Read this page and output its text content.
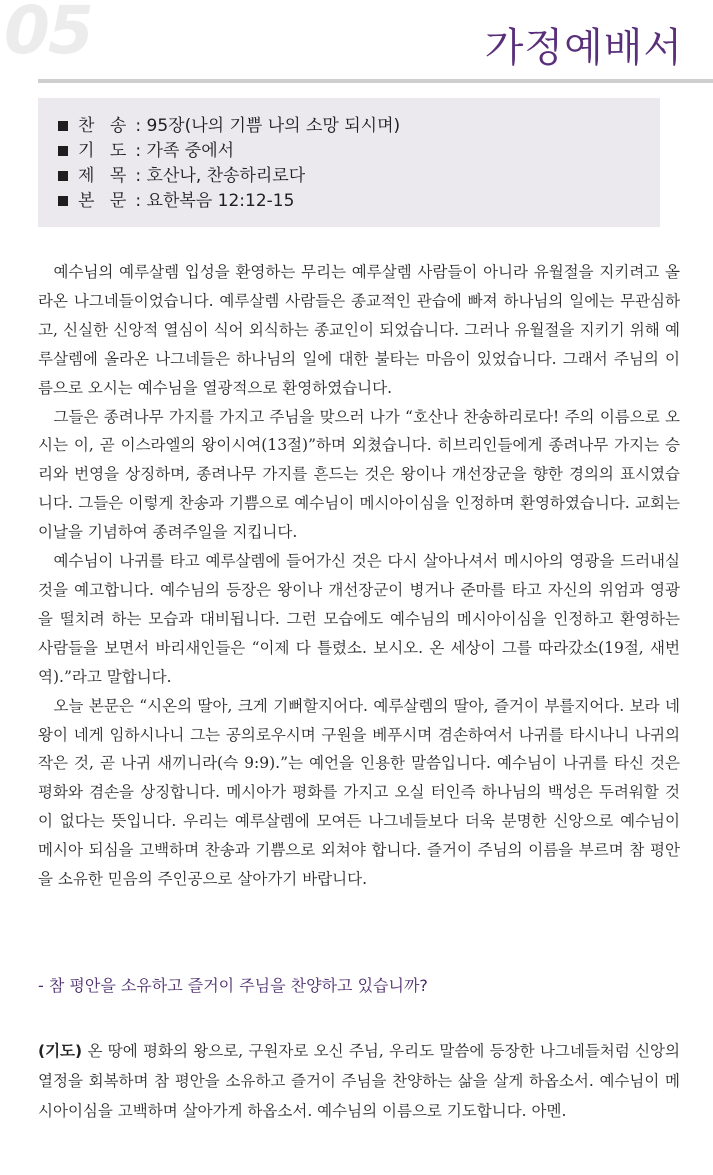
05	가정예배서
찬 송
: 95장(나의 기쁨 나의 소망 되시며)
기 도
: 가족 중에서
제 목
: 호산나, 찬송하리로다
본 문
: 요한복음 12:12-15

예수님의 예루살렘 입성을 환영하는 무리는 예루살렘 사람들이 아니라 유월절을 지키려고 올라온 나그네들이었습니다. 예루살렘 사람들은 종교적인 관습에 빠져 하나님의 일에는 무관심하고, 신실한 신앙적 열심이 식어 외식하는 종교인이 되었습니다. 그러나 유월절을 지키기 위해 예루살렘에 올라온 나그네들은 하나님의 일에 대한 불타는 마음이 있었습니다. 그래서 주님의 이름으로 오시는 예수님을 열광적으로 환영하였습니다.

그들은 종려나무 가지를 가지고 주님을 맞으러 나가 “호산나 찬송하리로다! 주의 이름으로 오시는 이, 곧 이스라엘의 왕이시여(13절)”하며 외쳤습니다. 히브리인들에게 종려나무 가지는 승리와 번영을 상징하며, 종려나무 가지를 흔드는 것은 왕이나 개선장군을 향한 경의의 표시였습니다. 그들은 이렇게 찬송과 기쁨으로 예수님이 메시아이심을 인정하며 환영하였습니다. 교회는 이날을 기념하여 종려주일을 지킵니다.

예수님이 나귀를 타고 예루살렘에 들어가신 것은 다시 살아나셔서 메시아의 영광을 드러내실 것을 예고합니다. 예수님의 등장은 왕이나 개선장군이 병거나 준마를 타고 자신의 위엄과 영광을 떨치려 하는 모습과 대비됩니다. 그런 모습에도 예수님의 메시아이심을 인정하고 환영하는 사람들을 보면서 바리새인들은 “이제 다 틀렸소. 보시오. 온 세상이 그를 따라갔소(19절, 새번역).”라고 말합니다.

오늘 본문은 “시온의 딸아, 크게 기뻐할지어다. 예루살렘의 딸아, 즐거이 부를지어다. 보라 네 왕이 네게 임하시나니 그는 공의로우시며 구원을 베푸시며 겸손하여서 나귀를 타시나니 나귀의 작은 것, 곧 나귀 새끼니라(슥 9:9).”는 예언을 인용한 말씀입니다. 예수님이 나귀를 타신 것은 평화와 겸손을 상징합니다. 메시아가 평화를 가지고 오실 터인즉 하나님의 백성은 두려워할 것이 없다는 뜻입니다. 우리는 예루살렘에 모여든 나그네들보다 더욱 분명한 신앙으로 예수님이 메시아 되심을 고백하며 찬송과 기쁨으로 외쳐야 합니다. 즐거이 주님의 이름을 부르며 참 평안을 소유한 믿음의 주인공으로 살아가기 바랍니다.

- 참 평안을 소유하고 즐거이 주님을 찬양하고 있습니까?
(기도) 온 땅에 평화의 왕으로, 구원자로 오신 주님, 우리도 말씀에 등장한 나그네들처럼 신앙의 열정을 회복하며 참 평안을 소유하고 즐거이 주님을 찬양하는 삶을 살게 하옵소서. 예수님이 메시아이심을 고백하며 살아가게 하옵소서. 예수님의 이름으로 기도합니다. 아멘.
